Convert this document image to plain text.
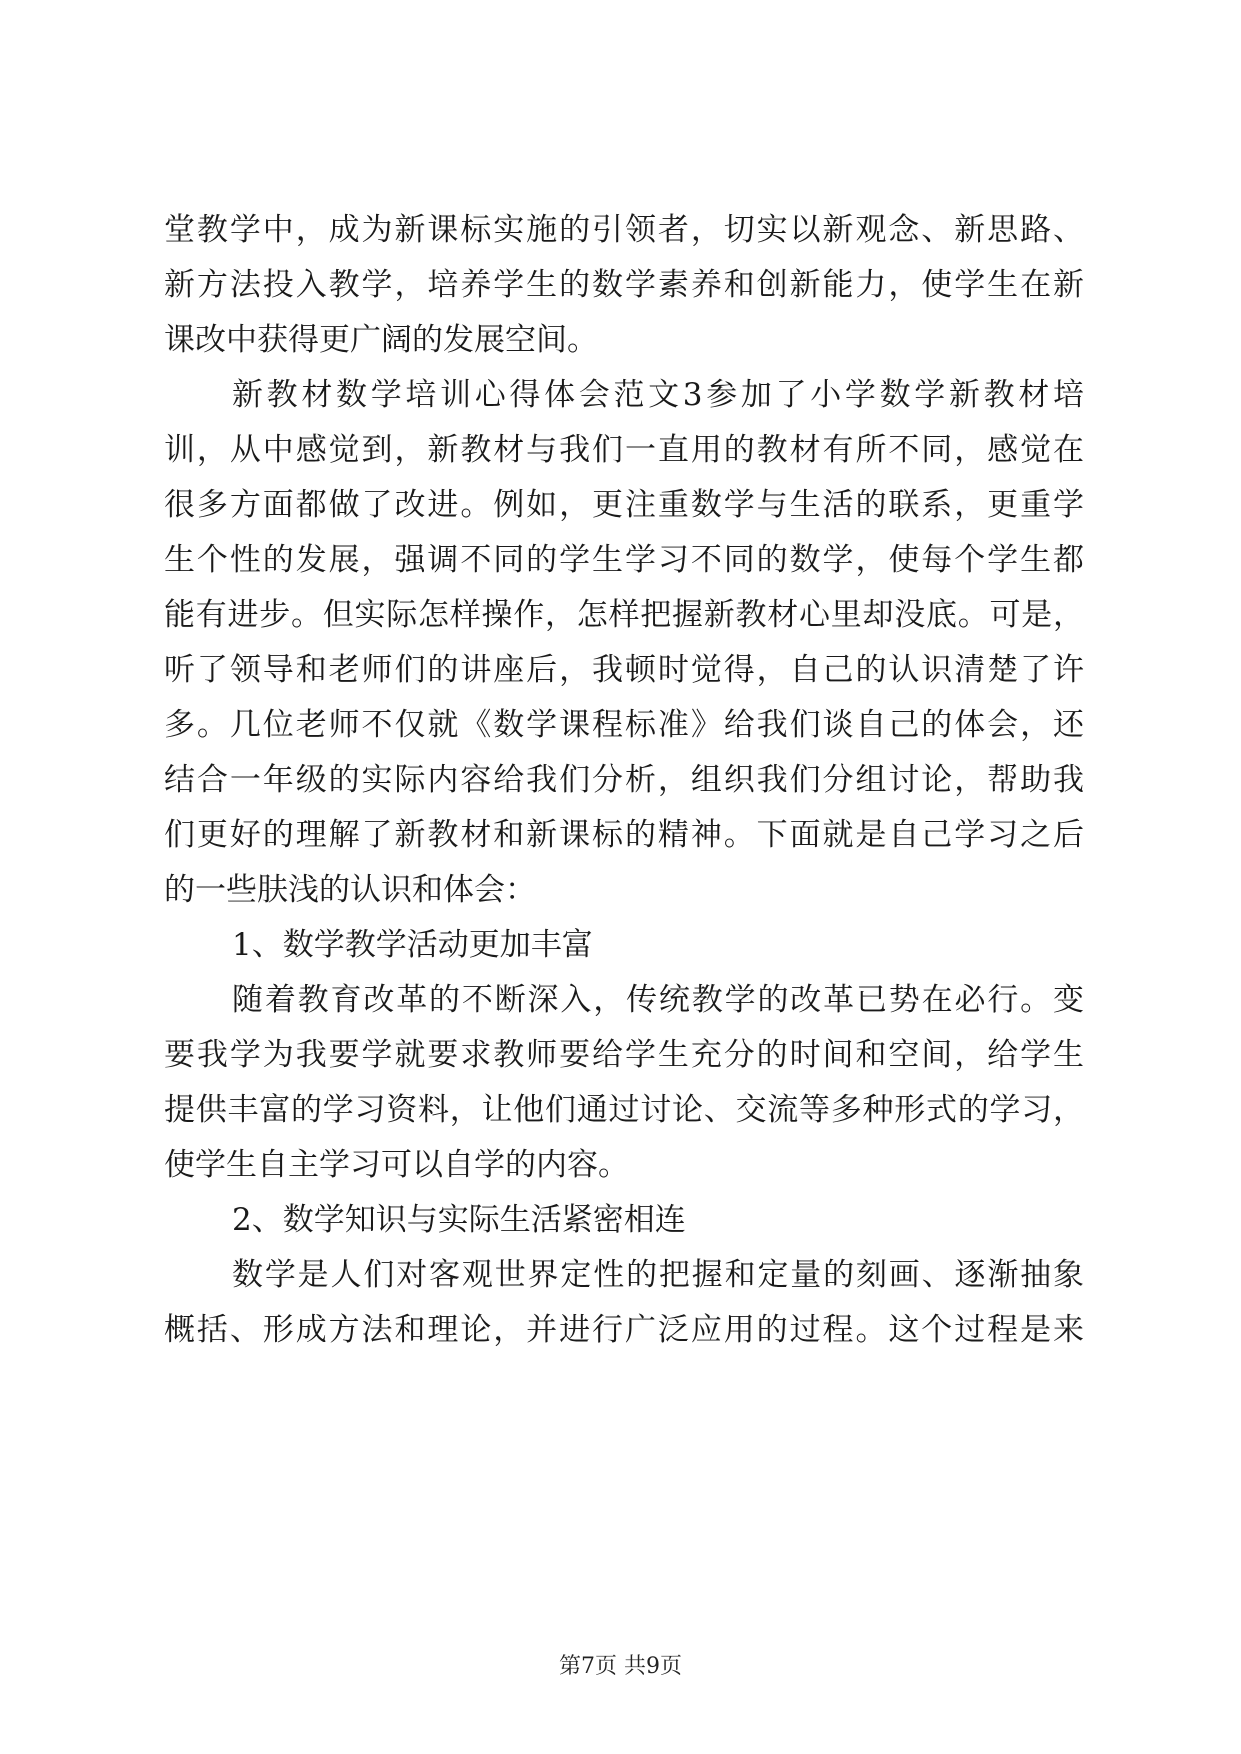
堂教学中，成为新课标实施的引领者，切实以新观念、新思路、
新方法投入教学，培养学生的数学素养和创新能力，使学生在新
课改中获得更广阔的发展空间。
新教材数学培训心得体会范文3参加了小学数学新教材培
训，从中感觉到，新教材与我们一直用的教材有所不同，感觉在
很多方面都做了改进。例如，更注重数学与生活的联系，更重学
生个性的发展，强调不同的学生学习不同的数学，使每个学生都
能有进步。但实际怎样操作，怎样把握新教材心里却没底。可是，
听了领导和老师们的讲座后，我顿时觉得，自己的认识清楚了许
多。几位老师不仅就《数学课程标准》给我们谈自己的体会，还
结合一年级的实际内容给我们分析，组织我们分组讨论，帮助我
们更好的理解了新教材和新课标的精神。下面就是自己学习之后
的一些肤浅的认识和体会：
1、数学教学活动更加丰富
随着教育改革的不断深入，传统教学的改革已势在必行。变
要我学为我要学就要求教师要给学生充分的时间和空间，给学生
提供丰富的学习资料，让他们通过讨论、交流等多种形式的学习，
使学生自主学习可以自学的内容。
2、数学知识与实际生活紧密相连
数学是人们对客观世界定性的把握和定量的刻画、逐渐抽象
概括、形成方法和理论，并进行广泛应用的过程。这个过程是来
第7页 共9页
